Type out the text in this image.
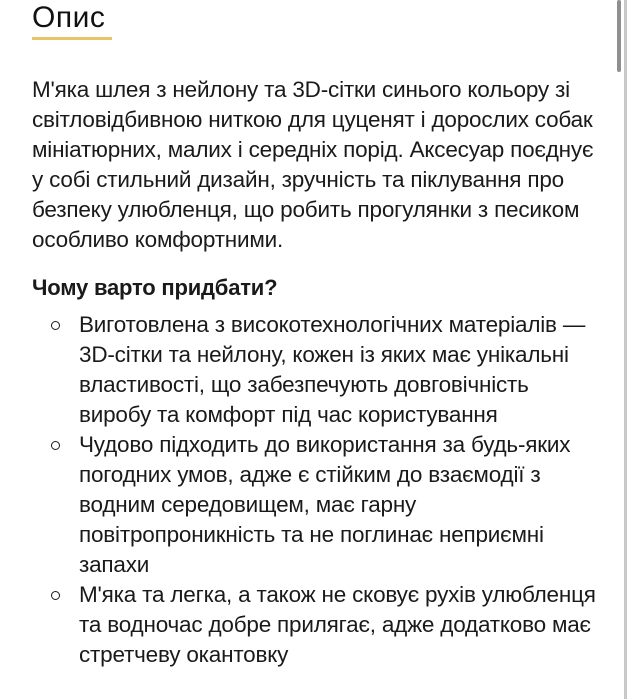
Опис

М'яка шлея з нейлону та 3D-сітки синього кольору зі світловідбивною ниткою для цуценят і дорослих собак мініатюрних, малих і середніх порід. Аксесуар поєднує у собі стильний дизайн, зручність та піклування про безпеку улюбленця, що робить прогулянки з песиком особливо комфортними.

Чому варто придбати?
Виготовлена з високотехнологічних матеріалів — 3D-сітки та нейлону, кожен із яких має унікальні властивості, що забезпечують довговічність виробу та комфорт під час користування
Чудово підходить до використання за будь-яких погодних умов, адже є стійким до взаємодії з водним середовищем, має гарну повітропроникність та не поглинає неприємні запахи
М'яка та легка, а також не сковує рухів улюбленця та водночас добре прилягає, адже додатково має стретчеву окантовку
